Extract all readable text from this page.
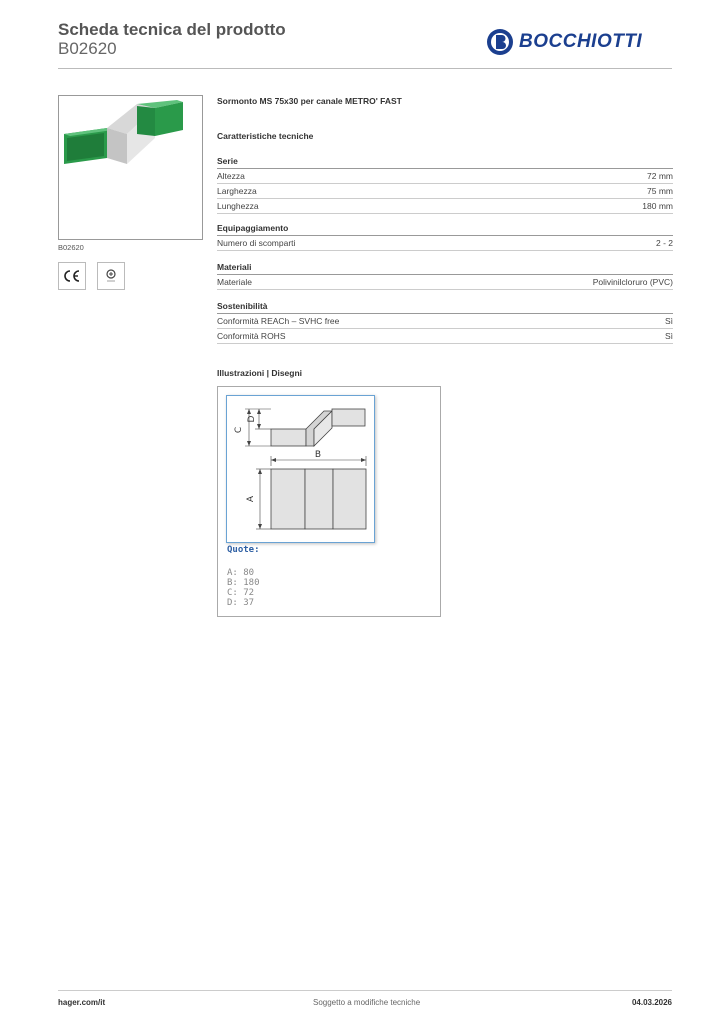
Scheda tecnica del prodotto
B02620	BOCCHIOTTI
B02620
Sormonto MS 75x30 per canale METRO' FAST
Caratteristiche tecniche
Serie
Altezza	72 mm
Larghezza	75 mm
Lunghezza	180 mm
Equipaggiamento
Numero di scomparti	2 - 2
Materiali
Materiale	Polivinilcloruro (PVC)
Sostenibilità
Conformità REACh – SVHC free	Sì
Conformità ROHS	Sì
Illustrazioni | Disegni
C
D
B
A
Quote:
A: 80
B: 180
C: 72
D: 37
hager.com/it	Soggetto a modifiche tecniche	04.03.2026
